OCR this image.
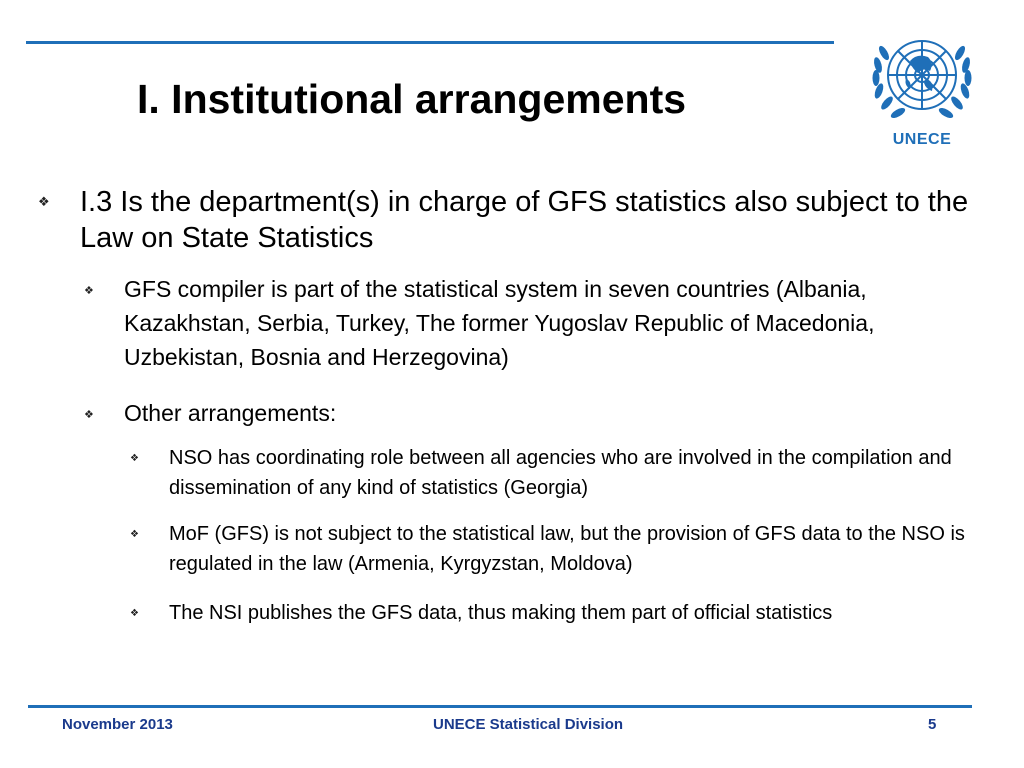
I. Institutional arrangements
UNECE
❖ I.3 Is the department(s) in charge of GFS statistics also subject to the Law on State Statistics
❖ GFS compiler is part of the statistical system in seven countries (Albania, Kazakhstan, Serbia, Turkey, The former Yugoslav Republic of Macedonia, Uzbekistan, Bosnia and Herzegovina)
❖ Other arrangements:
❖ NSO has coordinating role between all agencies who are involved in the compilation and dissemination of any kind of statistics (Georgia)
❖ MoF (GFS) is not subject to the statistical law, but the provision of GFS data to the NSO is regulated in the law (Armenia, Kyrgyzstan, Moldova)
❖ The NSI publishes the GFS data, thus making them part of official statistics
November 2013	UNECE Statistical Division	5
